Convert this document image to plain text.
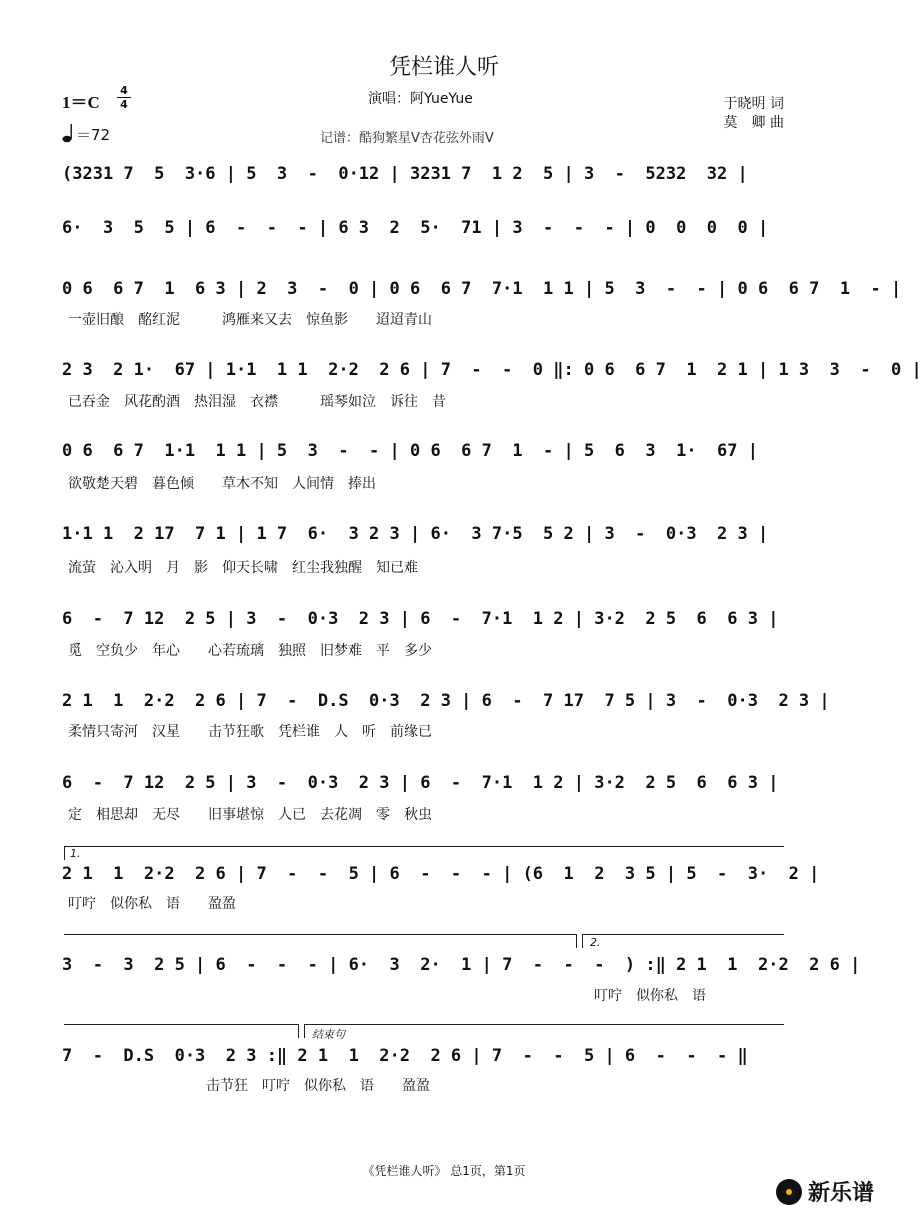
凭栏谁人听
1＝C
4
4
＝72
演唱：阿YueYue
记谱：酷狗繁星V杏花弦外雨V
于晓明 词
莫　卿 曲
(3231 7  5  3·6 | 5  3  -  0·12 | 3231 7  1 2  5 | 3  -  5232  32 |
6·  3  5  5 | 6  -  -  - | 6 3  2  5·  71 | 3  -  -  - | 0  0  0  0 |
0 6  6 7  1  6 3 | 2  3  -  0 | 0 6  6 7  7·1  1 1 | 5  3  -  - | 0 6  6 7  1  - |
一壶旧酿　酩红泥　　　鸿雁来又去　惊鱼影　　迢迢青山
2 3  2 1·  67 | 1·1  1 1  2·2  2 6 | 7  -  -  0 ‖: 0 6  6 7  1  2 1 | 1 3  3  -  0 |
已吞金　风花酌酒　热泪湿　衣襟　　　瑶琴如泣　诉往　昔
0 6  6 7  1·1  1 1 | 5  3  -  - | 0 6  6 7  1  - | 5  6  3  1·  67 |
欲敬楚天碧　暮色倾　　草木不知　人间情　捧出
1·1 1  2 17  7 1 | 1 7  6·  3 2 3 | 6·  3 7·5  5 2 | 3  -  0·3  2 3 |
流萤　沁入明　月　影　仰天长啸　红尘我独醒　知已难
6  -  7 12  2 5 | 3  -  0·3  2 3 | 6  -  7·1  1 2 | 3·2  2 5  6  6 3 |
觅　空负少　年心　　心若琉璃　独照　旧梦难　平　多少
2 1  1  2·2  2 6 | 7  -  D.S  0·3  2 3 | 6  -  7 17  7 5 | 3  -  0·3  2 3 |
柔情只寄河　汉星　　击节狂歌　凭栏谁　人　听　前缘已
6  -  7 12  2 5 | 3  -  0·3  2 3 | 6  -  7·1  1 2 | 3·2  2 5  6  6 3 |
定　相思却　无尽　　旧事堪惊　人已　去花凋　零　秋虫
1.
2 1  1  2·2  2 6 | 7  -  -  5 | 6  -  -  - | (6  1  2  3 5 | 5  -  3·  2 |
叮咛　似你私　语　　盈盈
2.
3  -  3  2 5 | 6  -  -  - | 6·  3  2·  1 | 7  -  -  -  ) :‖ 2 1  1  2·2  2 6 |
叮咛　似你私　语
结束句
7  -  D.S  0·3  2 3 :‖ 2 1  1  2·2  2 6 | 7  -  -  5 | 6  -  -  - ‖
击节狂　叮咛　似你私　语　　盈盈
《凭栏谁人听》 总1页，第1页
新乐谱
